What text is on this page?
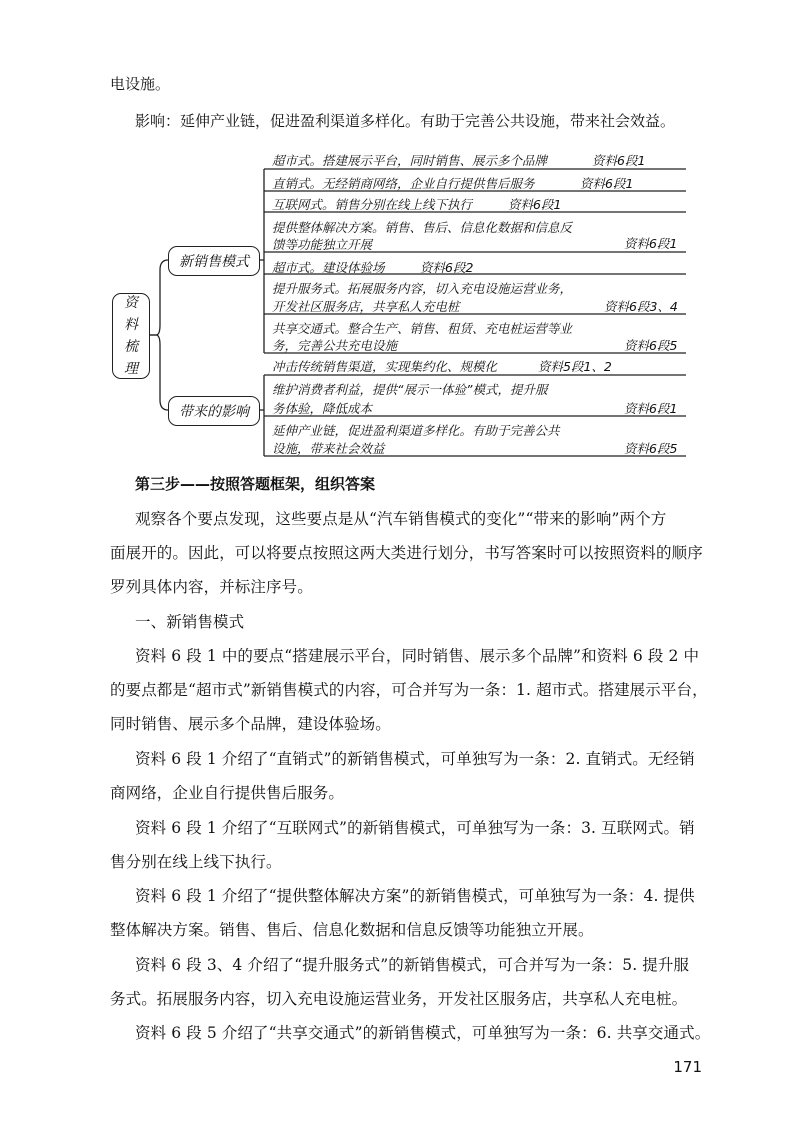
电设施。
影响：延伸产业链，促进盈利渠道多样化。有助于完善公共设施，带来社会效益。
资
料
梳
理
新销售模式
带来的影响
超市式。搭建展示平台，同时销售、展示多个品牌	资料6段1
直销式。无经销商网络，企业自行提供售后服务	资料6段1
互联网式。销售分别在线上线下执行	资料6段1
提供整体解决方案。销售、售后、信息化数据和信息反
馈等功能独立开展	资料6段1
超市式。建设体验场	资料6段2
提升服务式。拓展服务内容，切入充电设施运营业务，
开发社区服务店，共享私人充电桩	资料6段3、4
共享交通式。整合生产、销售、租赁、充电桩运营等业
务，完善公共充电设施	资料6段5
冲击传统销售渠道，实现集约化、规模化	资料5段1、2
维护消费者利益，提供“展示一体验”模式，提升服
务体验，降低成本	资料6段1
延伸产业链，促进盈利渠道多样化。有助于完善公共
设施，带来社会效益	资料6段5
第三步——按照答题框架，组织答案
观察各个要点发现，这些要点是从“汽车销售模式的变化”“带来的影响”两个方
面展开的。因此，可以将要点按照这两大类进行划分，书写答案时可以按照资料的顺序
罗列具体内容，并标注序号。
一、新销售模式
资料 6 段 1 中的要点“搭建展示平台，同时销售、展示多个品牌”和资料 6 段 2 中
的要点都是“超市式”新销售模式的内容，可合并写为一条：1. 超市式。搭建展示平台，
同时销售、展示多个品牌，建设体验场。
资料 6 段 1 介绍了“直销式”的新销售模式，可单独写为一条：2. 直销式。无经销
商网络，企业自行提供售后服务。
资料 6 段 1 介绍了“互联网式”的新销售模式，可单独写为一条：3. 互联网式。销
售分别在线上线下执行。
资料 6 段 1 介绍了“提供整体解决方案”的新销售模式，可单独写为一条：4. 提供
整体解决方案。销售、售后、信息化数据和信息反馈等功能独立开展。
资料 6 段 3、4 介绍了“提升服务式”的新销售模式，可合并写为一条：5. 提升服
务式。拓展服务内容，切入充电设施运营业务，开发社区服务店，共享私人充电桩。
资料 6 段 5 介绍了“共享交通式”的新销售模式，可单独写为一条：6. 共享交通式。
171
